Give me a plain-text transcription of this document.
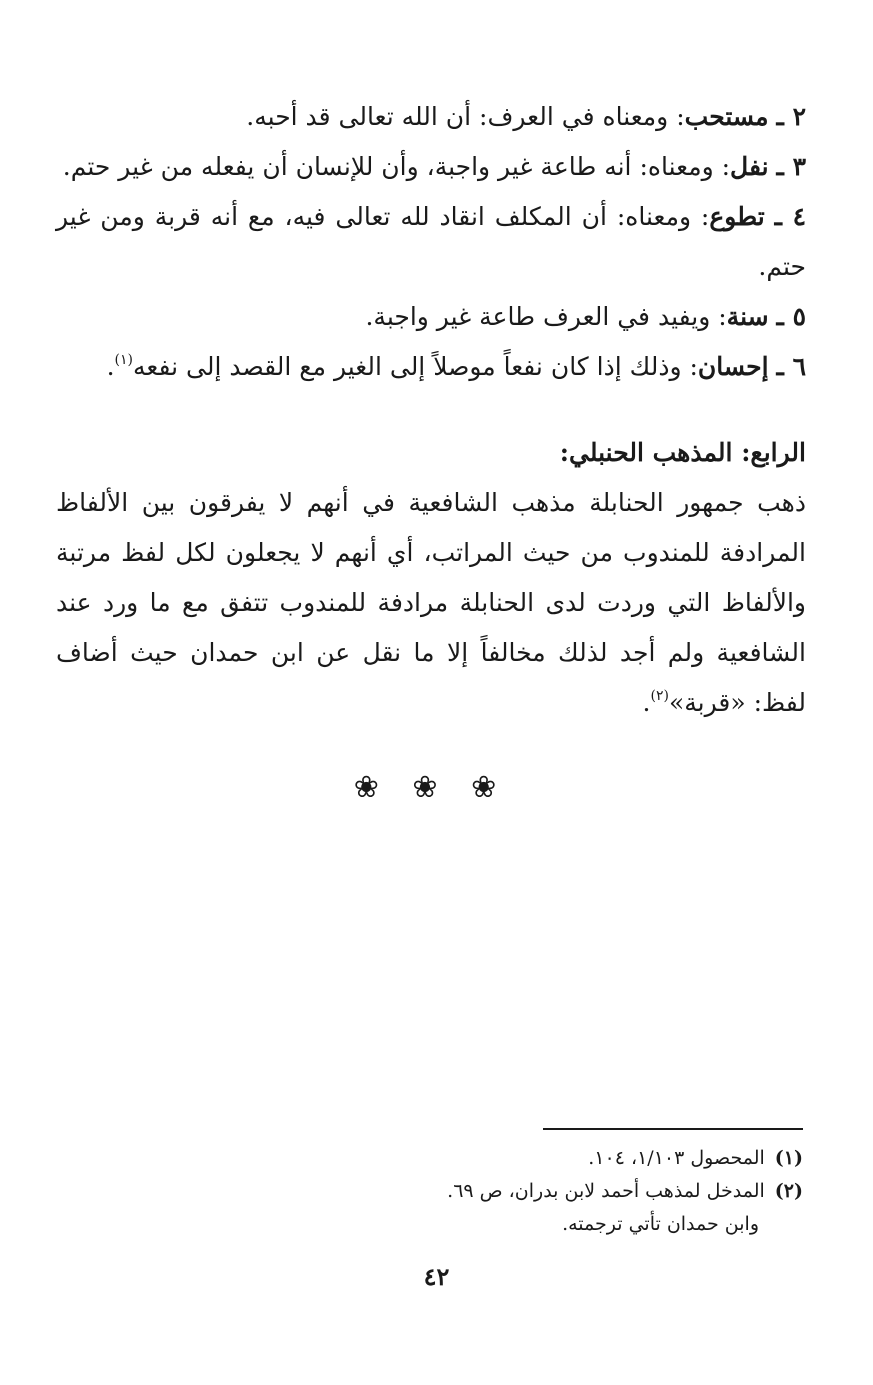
٢ ـ مستحب: ومعناه في العرف: أن الله تعالى قد أحبه.

٣ ـ نفل: ومعناه: أنه طاعة غير واجبة، وأن للإنسان أن يفعله من غير حتم.

٤ ـ تطوع: ومعناه: أن المكلف انقاد لله تعالى فيه، مع أنه قربة ومن غير حتم.

٥ ـ سنة: ويفيد في العرف طاعة غير واجبة.

٦ ـ إحسان: وذلك إذا كان نفعاً موصلاً إلى الغير مع القصد إلى نفعه$^{(١)}$.

الرابع: المذهب الحنبلي:

ذهب جمهور الحنابلة مذهب الشافعية في أنهم لا يفرقون بين الألفاظ المرادفة للمندوب من حيث المراتب، أي أنهم لا يجعلون لكل لفظ مرتبة والألفاظ التي وردت لدى الحنابلة مرادفة للمندوب تتفق مع ما ورد عند الشافعية ولم أجد لذلك مخالفاً إلا ما نقل عن ابن حمدان حيث أضاف لفظ: «قربة»$^{(٢)}$.

❀ ❀ ❀

(١)المحصول ١/١٠٣، ١٠٤.

(٢)المدخل لمذهب أحمد لابن بدران، ص ٦٩.

وابن حمدان تأتي ترجمته.

٤٢
